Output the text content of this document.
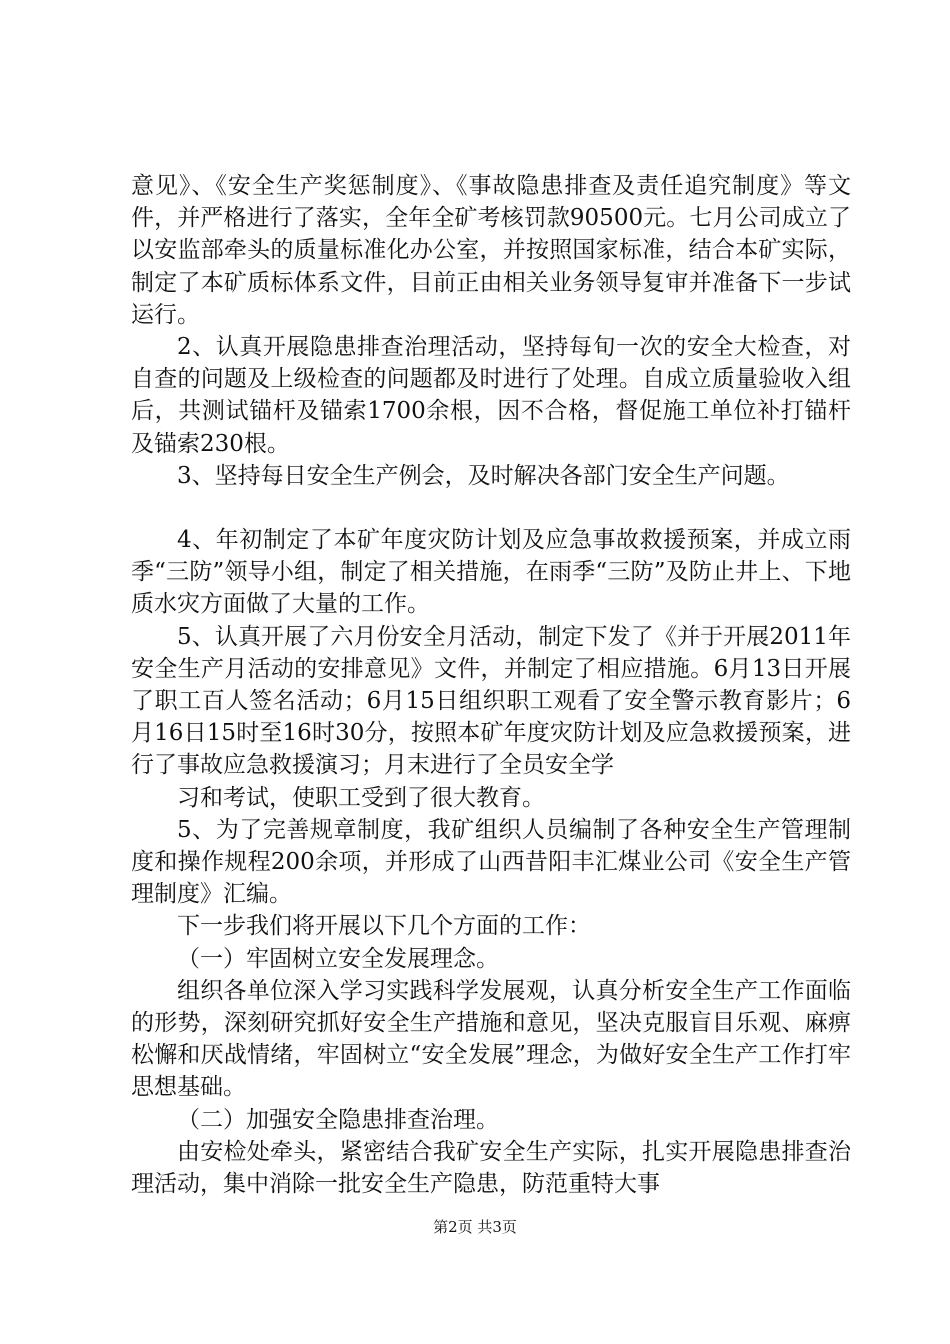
意见》、《安全生产奖惩制度》、《事故隐患排查及责任追究制度》等文件，并严格进行了落实，全年全矿考核罚款90500元。七月公司成立了以安监部牵头的质量标准化办公室，并按照国家标准，结合本矿实际，制定了本矿质标体系文件，目前正由相关业务领导复审并准备下一步试运行。

2、认真开展隐患排查治理活动，坚持每旬一次的安全大检查，对自查的问题及上级检查的问题都及时进行了处理。自成立质量验收入组后，共测试锚杆及锚索1700余根，因不合格，督促施工单位补打锚杆及锚索230根。

3、坚持每日安全生产例会，及时解决各部门安全生产问题。

4、年初制定了本矿年度灾防计划及应急事故救援预案，并成立雨季“三防”领导小组，制定了相关措施，在雨季“三防”及防止井上、下地质水灾方面做了大量的工作。

5、认真开展了六月份安全月活动，制定下发了《并于开展2011年安全生产月活动的安排意见》文件，并制定了相应措施。6月13日开展了职工百人签名活动；6月15日组织职工观看了安全警示教育影片；6月16日15时至16时30分，按照本矿年度灾防计划及应急救援预案，进行了事故应急救援演习；月末进行了全员安全学

习和考试，使职工受到了很大教育。

5、为了完善规章制度，我矿组织人员编制了各种安全生产管理制度和操作规程200余项，并形成了山西昔阳丰汇煤业公司《安全生产管理制度》汇编。

下一步我们将开展以下几个方面的工作：

（一）牢固树立安全发展理念。

组织各单位深入学习实践科学发展观，认真分析安全生产工作面临的形势，深刻研究抓好安全生产措施和意见，坚决克服盲目乐观、麻痹松懈和厌战情绪，牢固树立“安全发展”理念，为做好安全生产工作打牢思想基础。

（二）加强安全隐患排查治理。

由安检处牵头，紧密结合我矿安全生产实际，扎实开展隐患排查治理活动，集中消除一批安全生产隐患，防范重特大事

第2页 共3页
